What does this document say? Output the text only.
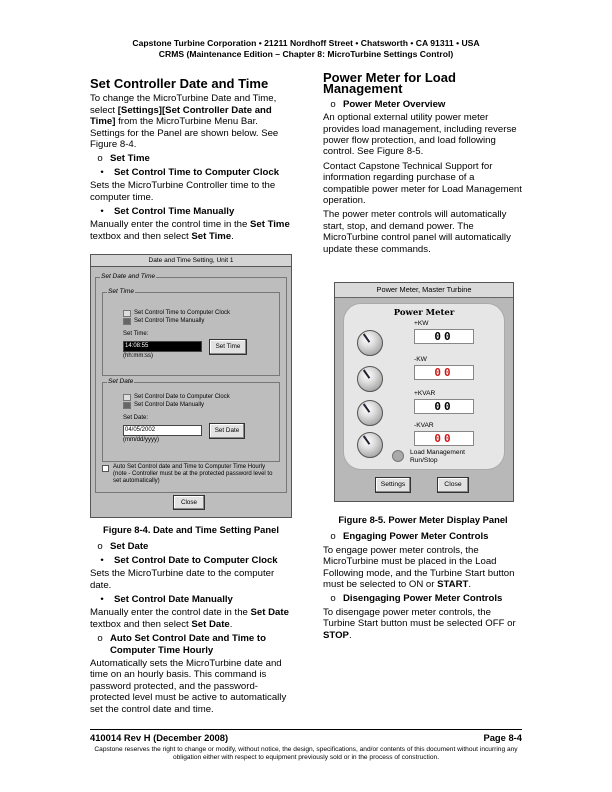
Capstone Turbine Corporation • 21211 Nordhoff Street • Chatsworth • CA 91311 • USA
CRMS (Maintenance Edition – Chapter 8: MicroTurbine Settings Control)
Set Controller Date and Time

To change the MicroTurbine Date and Time, select [Settings][Set Controller Date and Time] from the MicroTurbine Menu Bar. Settings for the Panel are shown below. See Figure 8-4.

o Set Time
•	Set Control Time to Computer Clock

Sets the MicroTurbine Controller time to the computer time.

•	Set Control Time Manually

Manually enter the control time in the Set Time textbox and then select Set Time.

Figure 8-4. Date and Time Setting Panel
o Set Date
•	Set Control Date to Computer Clock

Sets the MicroTurbine date to the computer date.

•	Set Control Date Manually

Manually enter the control date in the Set Date textbox and then select Set Date.

o Auto Set Control Date and Time to Computer Time Hourly

Automatically sets the MicroTurbine date and time on an hourly basis. This command is password protected, and the password-protected level must be active to automatically set the control date and time.

Date and Time Setting, Unit 1
Set Date and Time
Set Time
Set Control Time to Computer Clock
Set Control Time Manually
Set Time:
14:08:55
(hh:mm:ss)
Set Time
Set Date
Set Control Date to Computer Clock
Set Control Date Manually
Set Date:
04/05/2002
(mm/dd/yyyy)
Set Date
Auto Set Control date and Time to Computer Time Hourly (note - Controller must be at the protected password level to set automatically)
Close
Power Meter for Load Management
o Power Meter Overview

An optional external utility power meter provides load management, including reverse power flow protection, and load following control. See Figure 8-5.

Contact Capstone Technical Support for information regarding purchase of a compatible power meter for Load Management operation.

The power meter controls will automatically start, stop, and demand power. The MicroTurbine control panel will automatically update these commands.

Figure 8-5. Power Meter Display Panel
o Engaging Power Meter Controls

To engage power meter controls, the MicroTurbine must be placed in the Load Following mode, and the Turbine Start button must be selected to ON or START.

o Disengaging Power Meter Controls

To disengage power meter controls, the Turbine Start button must be selected OFF or STOP.

Power Meter, Master Turbine
Power Meter
+KW
00
-KW
00
+KVAR
00
-KVAR
00
Load Management Run/Stop
Settings	Close
410014 Rev H (December 2008)	Page 8-4
Capstone reserves the right to change or modify, without notice, the design, specifications, and/or contents of this document without incurring any obligation either with respect to equipment previously sold or in the process of construction.
